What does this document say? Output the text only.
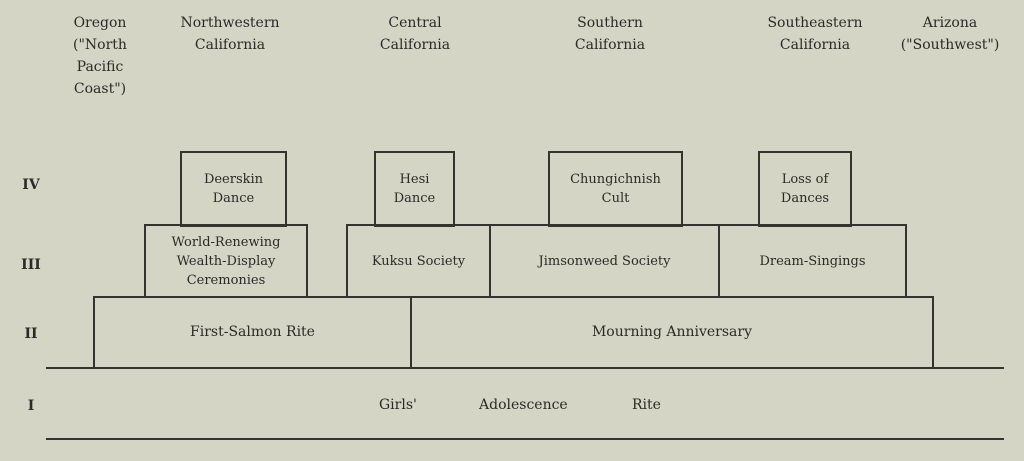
Oregon
("North
Pacific
Coast")
Northwestern
California
Central
California
Southern
California
Southeastern
California
Arizona
("Southwest")
IV
III
II
I
Deerskin
Dance
Hesi
Dance
Chungichnish
Cult
Loss of
Dances
World-Renewing
Wealth-Display
Ceremonies
Kuksu Society	Jimsonweed Society	Dream-Singings
First-Salmon Rite	Mourning Anniversary
Girls'	Adolescence	Rite
